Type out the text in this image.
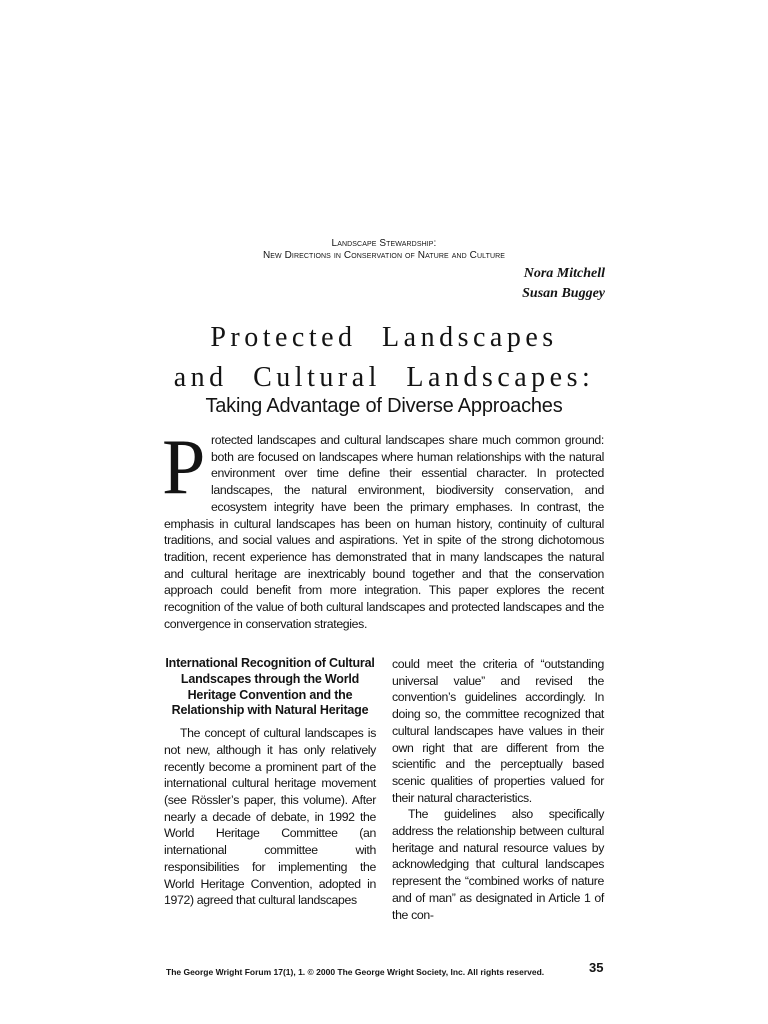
Landscape Stewardship:
New Directions in Conservation of Nature and Culture
Nora Mitchell
Susan Buggey
Protected Landscapes
and Cultural Landscapes:
Taking Advantage of Diverse Approaches
P rotected landscapes and cultural landscapes share much common ground: both are focused on landscapes where human relationships with the natural environment over time define their essential character. In protected landscapes, the natural environment, biodiversity conservation, and ecosystem integrity have been the primary emphases. In contrast, the emphasis in cultural landscapes has been on human history, continuity of cultural traditions, and social values and aspirations. Yet in spite of the strong dichotomous tradition, recent experience has demonstrated that in many landscapes the natural and cultural heritage are inextricably bound together and that the conservation approach could benefit from more integration. This paper explores the recent recognition of the value of both cultural landscapes and protected landscapes and the convergence in conservation strategies.
International Recognition of Cultural Landscapes through the World Heritage Convention and the Relationship with Natural Heritage

The concept of cultural landscapes is not new, although it has only relatively recently become a prominent part of the international cultural heritage movement (see Rössler’s paper, this volume). After nearly a decade of debate, in 1992 the World Heritage Committee (an international committee with responsibilities for implementing the World Heritage Convention, adopted in 1972) agreed that cultural landscapes

could meet the criteria of “outstanding universal value” and revised the convention’s guidelines accordingly. In doing so, the committee recognized that cultural landscapes have values in their own right that are different from the scientific and the perceptually based scenic qualities of properties valued for their natural characteristics.

The guidelines also specifically address the relationship between cultural heritage and natural resource values by acknowledging that cultural landscapes represent the “combined works of nature and of man” as designated in Article 1 of the con-

The George Wright Forum 17(1), 1. © 2000 The George Wright Society, Inc. All rights reserved.	35
